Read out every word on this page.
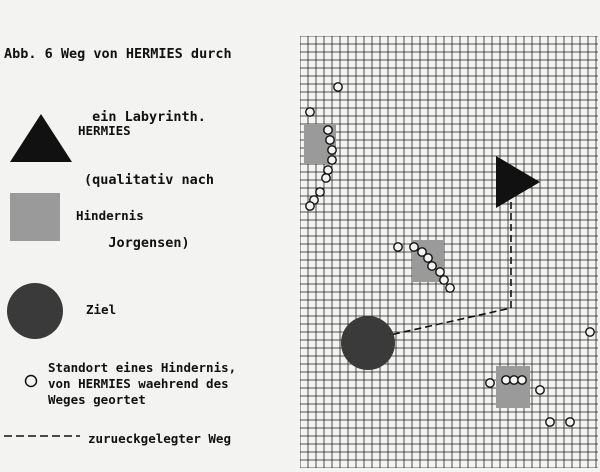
Abb. 6 Weg von HERMIES durch

ein Labyrinth.

(qualitativ nach

Jorgensen)

HERMIES
Hindernis
Ziel
Standort eines Hindernis,
von HERMIES waehrend des
Weges geortet
zurueckgelegter Weg
